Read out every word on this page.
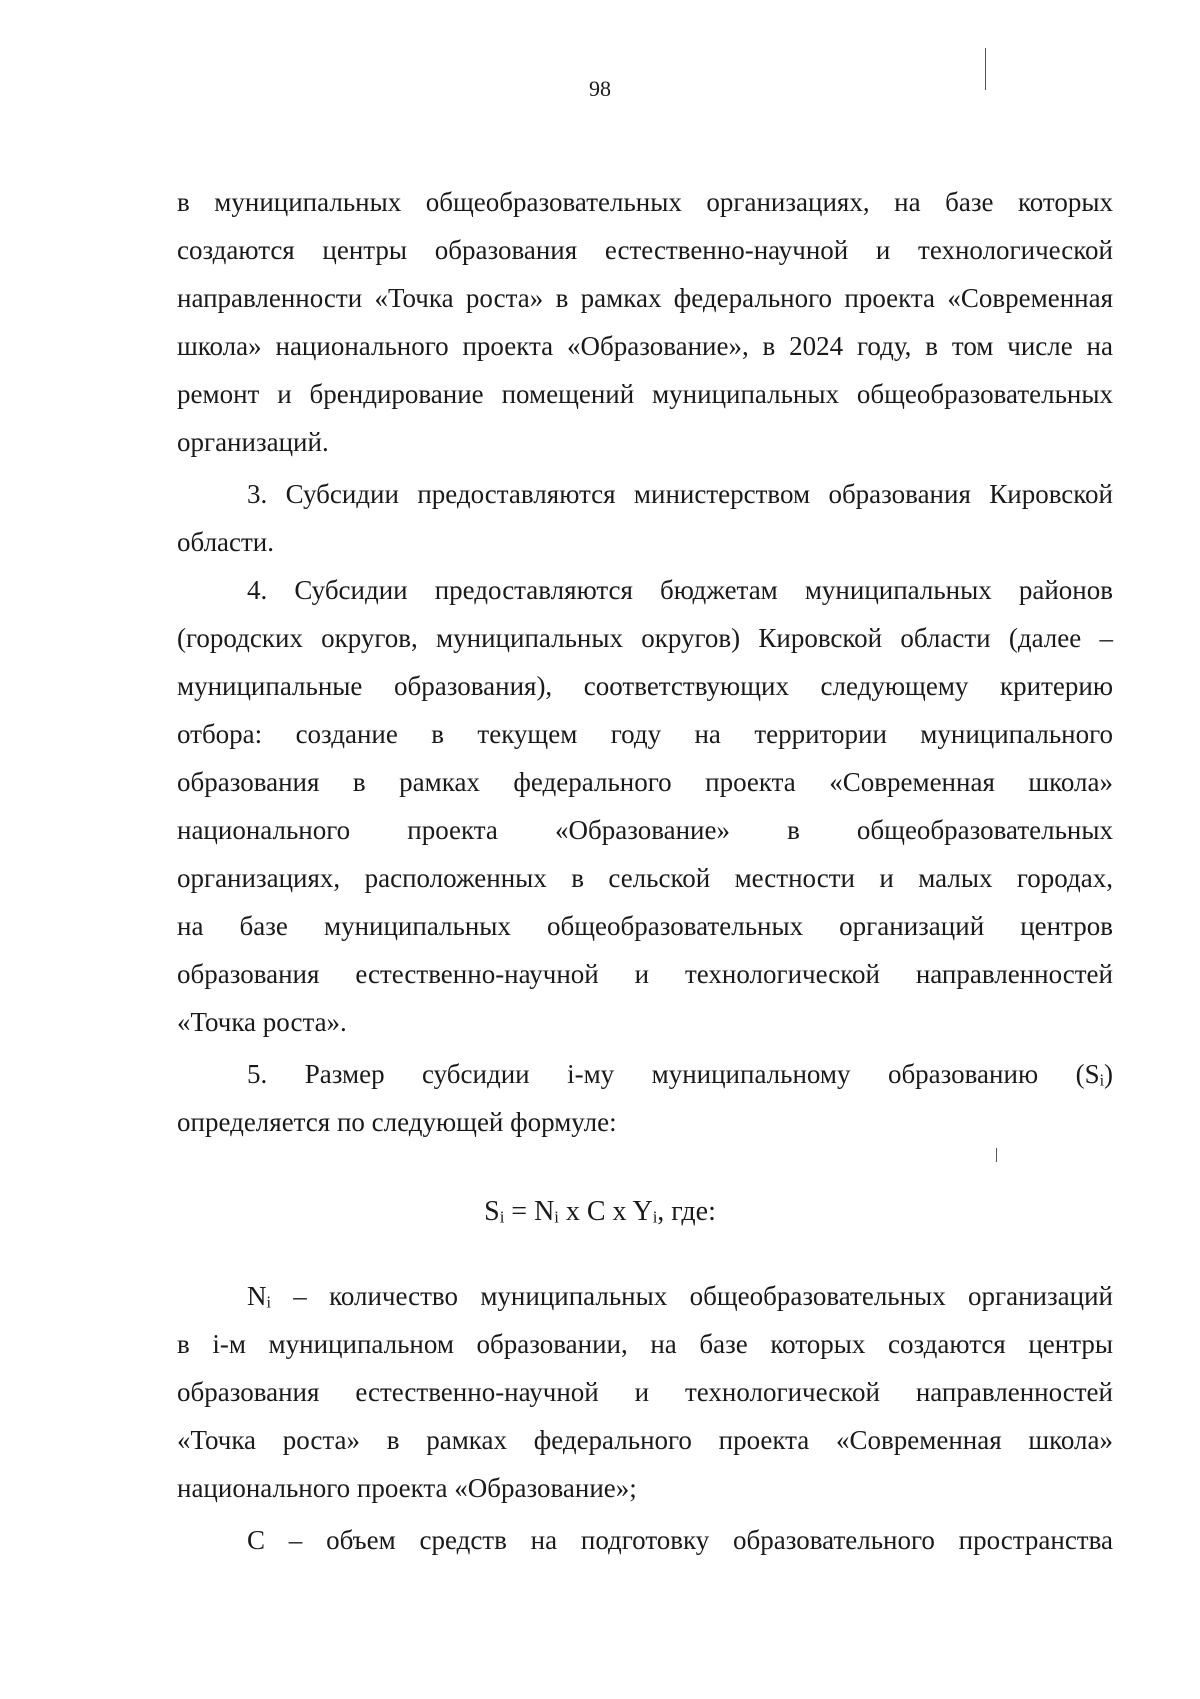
98
в муниципальных общеобразовательных организациях, на базе которых
создаются центры образования естественно-научной и технологической
направленности «Точка роста» в рамках федерального проекта «Современная
школа» национального проекта «Образование», в 2024 году, в том числе на
ремонт и брендирование помещений муниципальных общеобразовательных
организаций.
3. Субсидии предоставляются министерством образования Кировской
области.
4. Субсидии предоставляются бюджетам муниципальных районов
(городских округов, муниципальных округов) Кировской области (далее –
муниципальные образования), соответствующих следующему критерию
отбора: создание в текущем году на территории муниципального
образования в рамках федерального проекта «Современная школа»
национального проекта «Образование» в общеобразовательных
организациях, расположенных в сельской местности и малых городах,
на базе муниципальных общеобразовательных организаций центров
образования естественно-научной и технологической направленностей
«Точка роста».
5. Размер субсидии i-му муниципальному образованию (Sᵢ)
определяется по следующей формуле:
Sᵢ = Nᵢ x C x Yᵢ, где:
Nᵢ – количество муниципальных общеобразовательных организаций
в i-м муниципальном образовании, на базе которых создаются центры
образования естественно-научной и технологической направленностей
«Точка роста» в рамках федерального проекта «Современная школа»
национального проекта «Образование»;
С – объем средств на подготовку образовательного пространства
